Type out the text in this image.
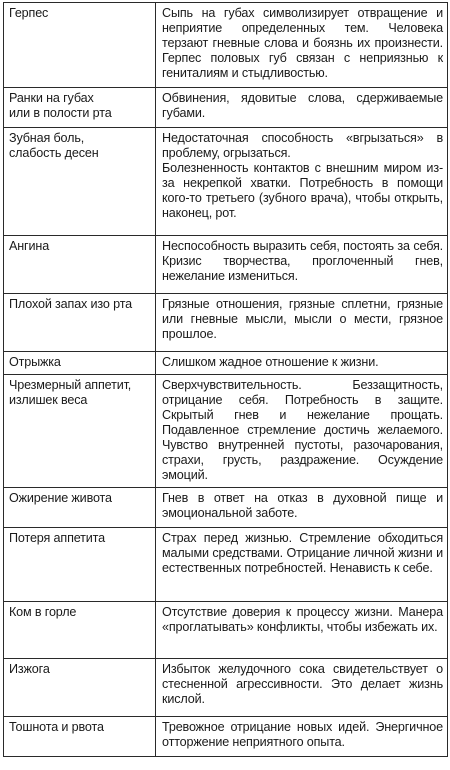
Герпес	Сыпь на губах символизирует отвращение и неприятие определенных тем. Человека терзают гневные слова и боязнь их произнести. Герпес половых губ связан с неприязнью к гениталиям и стыдливостью.
Ранки на губах
или в полости рта	Обвинения, ядовитые слова, сдерживаемые губами.
Зубная боль,
слабость десен	Недостаточная способность «вгрызаться» в проблему, огрызаться.
Болезненность контактов с внешним миром из-за некрепкой хватки. Потребность в помощи кого-то третьего (зубного врача), чтобы открыть, наконец, рот.
Ангина	Неспособность выразить себя, постоять за себя. Кризис творчества, проглоченный гнев, нежелание измениться.
Плохой запах изо рта	Грязные отношения, грязные сплетни, грязные или гневные мысли, мысли о мести, грязное прошлое.
Отрыжка	Слишком жадное отношение к жизни.
Чрезмерный аппетит,
излишек веса	Сверхчувствительность. Беззащитность, отрицание себя. Потребность в защите. Скрытый гнев и нежелание прощать. Подавленное стремление достичь желаемого. Чувство внутренней пустоты, разочарования, страхи, грусть, раздражение. Осуждение эмоций.
Ожирение живота	Гнев в ответ на отказ в духовной пище и эмоциональной заботе.
Потеря аппетита	Страх перед жизнью. Стремление обходиться малыми средствами. Отрицание личной жизни и естественных потребностей. Ненависть к себе.
Ком в горле	Отсутствие доверия к процессу жизни. Манера «проглатывать» конфликты, чтобы избежать их.
Изжога	Избыток желудочного сока свидетельствует о стесненной агрессивности. Это делает жизнь кислой.
Тошнота и рвота	Тревожное отрицание новых идей. Энергичное отторжение неприятного опыта.
